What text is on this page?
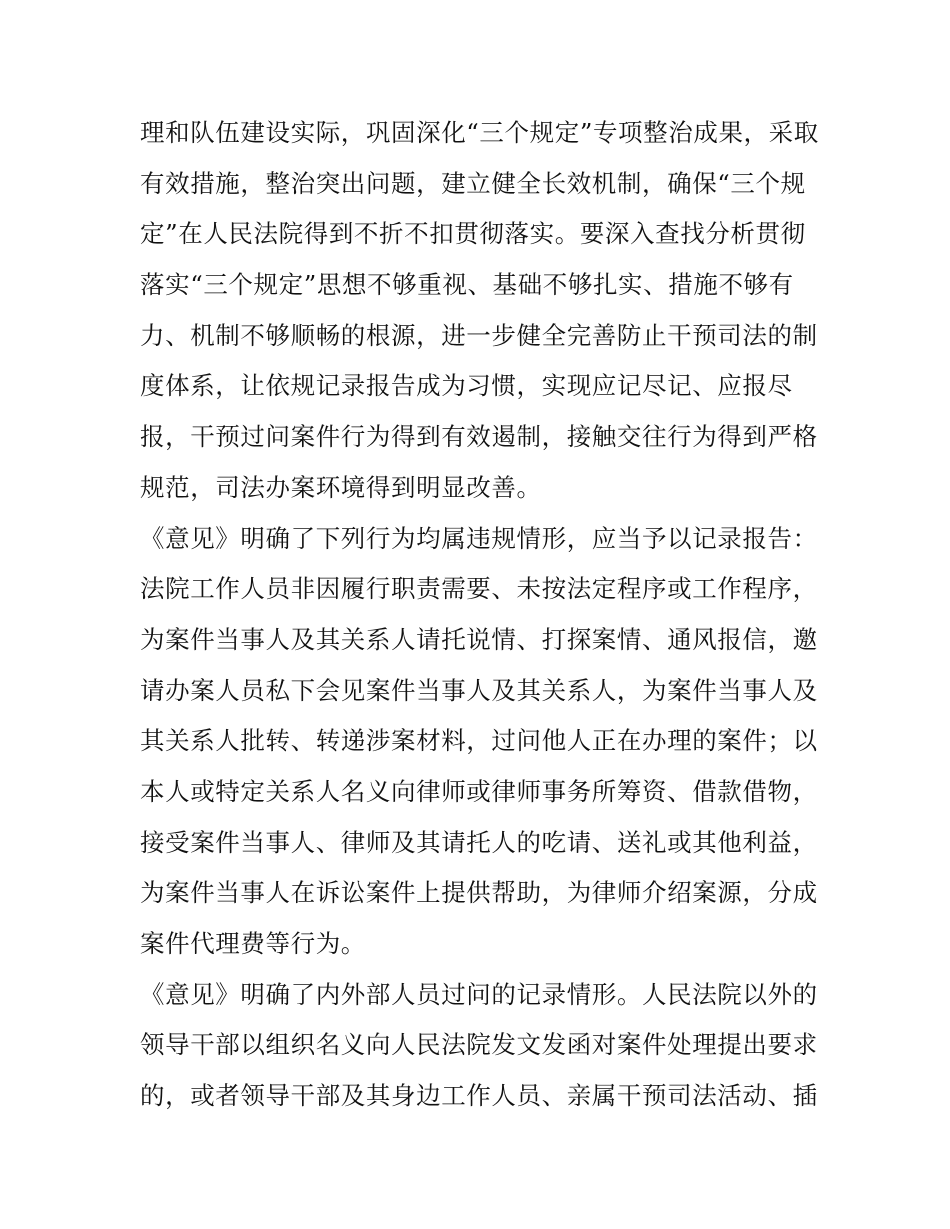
理和队伍建设实际，巩固深化“三个规定”专项整治成果，采取
有效措施，整治突出问题，建立健全长效机制，确保“三个规
定”在人民法院得到不折不扣贯彻落实。要深入查找分析贯彻
落实“三个规定”思想不够重视、基础不够扎实、措施不够有
力、机制不够顺畅的根源，进一步健全完善防止干预司法的制
度体系，让依规记录报告成为习惯，实现应记尽记、应报尽
报，干预过问案件行为得到有效遏制，接触交往行为得到严格
规范，司法办案环境得到明显改善。
《意见》明确了下列行为均属违规情形，应当予以记录报告：
法院工作人员非因履行职责需要、未按法定程序或工作程序，
为案件当事人及其关系人请托说情、打探案情、通风报信，邀
请办案人员私下会见案件当事人及其关系人，为案件当事人及
其关系人批转、转递涉案材料，过问他人正在办理的案件；以
本人或特定关系人名义向律师或律师事务所筹资、借款借物，
接受案件当事人、律师及其请托人的吃请、送礼或其他利益，
为案件当事人在诉讼案件上提供帮助，为律师介绍案源，分成
案件代理费等行为。
《意见》明确了内外部人员过问的记录情形。人民法院以外的
领导干部以组织名义向人民法院发文发函对案件处理提出要求
的，或者领导干部及其身边工作人员、亲属干预司法活动、插
